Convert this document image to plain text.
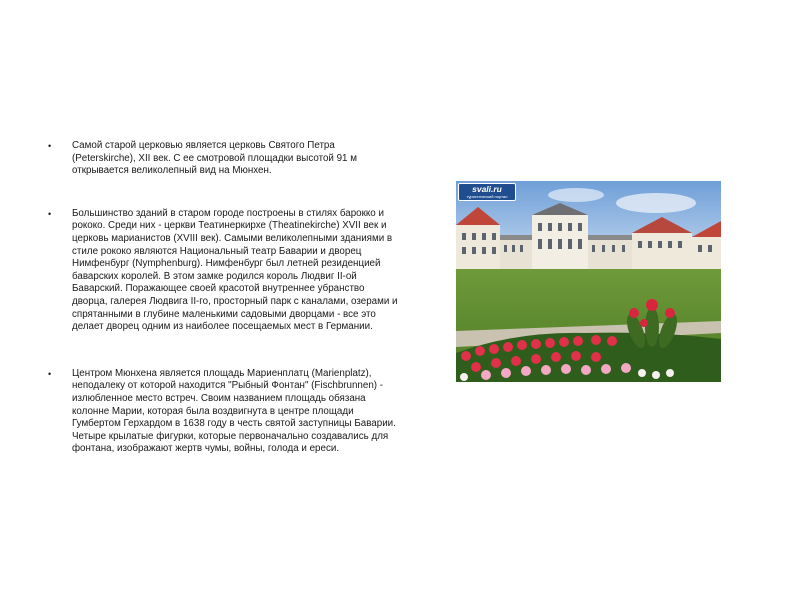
• Самой старой церковью является церковь Святого Петра (Peterskirche), XII век. С ее смотровой площадки высотой 91 м открывается великолепный вид на Мюнхен.
• Большинство зданий в старом городе построены в стилях барокко и рококо. Среди них - церкви Театинеркирхе (Theatinekirche) XVII век и церковь марианистов (XVIII век). Самыми великолепными зданиями в стиле рококо являются Национальный театр Баварии и дворец Нимфенбург (Nymphenburg). Нимфенбург был летней резиденцией баварских королей. В этом замке родился король Людвиг II-ой Баварский. Поражающее своей красотой внутреннее убранство дворца, галерея Людвига II-го, просторный парк с каналами, озерами и спрятанными в глубине маленькими садовыми дворцами - все это делает дворец одним из наиболее посещаемых мест в Германии.
• Центром Мюнхена является площадь Мариенплатц (Marienplatz), неподалеку от которой находится "Рыбный Фонтан" (Fischbrunnen) - излюбленное место встреч. Своим названием площадь обязана колонне Марии, которая была воздвигнута в центре площади Гумбертом Герхардом в 1638 году в честь святой заступницы Баварии. Четыре крылатые фигурки, которые первоначально создавались для фонтана, изображают жертв чумы, войны, голода и ереси.
svali.ru
туристический портал
